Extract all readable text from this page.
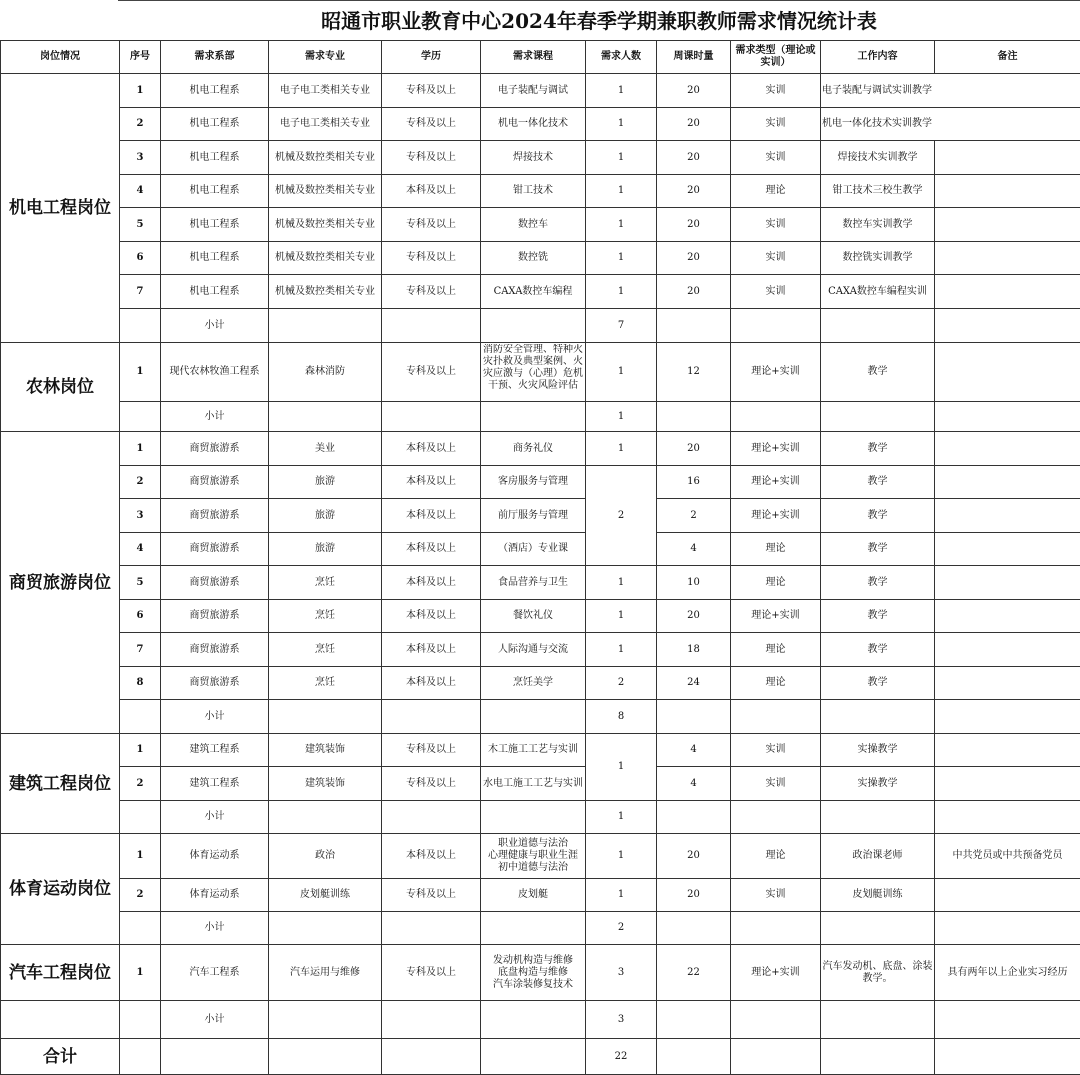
昭通市职业教育中心2024年春季学期兼职教师需求情况统计表
岗位情况	序号	需求系部	需求专业	学历	需求课程	需求人数	周课时量	需求类型（理论或实训）	工作内容	备注
机电工程岗位	1	机电工程系	电子电工类相关专业	专科及以上	电子装配与调试	1	20	实训	电子装配与调试实训教学	
	2	机电工程系	电子电工类相关专业	专科及以上	机电一体化技术	1	20	实训	机电一体化技术实训教学	
	3	机电工程系	机械及数控类相关专业	专科及以上	焊接技术	1	20	实训	焊接技术实训教学	
	4	机电工程系	机械及数控类相关专业	本科及以上	钳工技术	1	20	理论	钳工技术三校生教学	
	5	机电工程系	机械及数控类相关专业	专科及以上	数控车	1	20	实训	数控车实训教学	
	6	机电工程系	机械及数控类相关专业	专科及以上	数控铣	1	20	实训	数控铣实训教学	
	7	机电工程系	机械及数控类相关专业	专科及以上	CAXA数控车编程	1	20	实训	CAXA数控车编程实训	
		小计				7				
农林岗位	1	现代农林牧渔工程系	森林消防	专科及以上	消防安全管理、特种火灾扑救及典型案例、火灾应激与（心理）危机干预、火灾风险评估	1	12	理论+实训	教学	
		小计				1				
商贸旅游岗位	1	商贸旅游系	美业	本科及以上	商务礼仪	1	20	理论+实训	教学	
	2	商贸旅游系	旅游	本科及以上	客房服务与管理	2	16	理论+实训	教学	
	3	商贸旅游系	旅游	本科及以上	前厅服务与管理		2	理论+实训	教学	
	4	商贸旅游系	旅游	本科及以上	（酒店）专业课		4	理论	教学	
	5	商贸旅游系	烹饪	本科及以上	食品营养与卫生	1	10	理论	教学	
	6	商贸旅游系	烹饪	本科及以上	餐饮礼仪	1	20	理论+实训	教学	
	7	商贸旅游系	烹饪	本科及以上	人际沟通与交流	1	18	理论	教学	
	8	商贸旅游系	烹饪	本科及以上	烹饪美学	2	24	理论	教学	
		小计				8				
建筑工程岗位	1	建筑工程系	建筑装饰	专科及以上	木工施工工艺与实训	1	4	实训	实操教学	
	2	建筑工程系	建筑装饰	专科及以上	水电工施工工艺与实训		4	实训	实操教学	
		小计				1				
体育运动岗位	1	体育运动系	政治	本科及以上	职业道德与法治
心理健康与职业生涯
初中道德与法治	1	20	理论	政治课老师	中共党员或中共预备党员
	2	体育运动系	皮划艇训练	专科及以上	皮划艇	1	20	实训	皮划艇训练	
		小计				2				
汽车工程岗位	1	汽车工程系	汽车运用与维修	专科及以上	发动机构造与维修
底盘构造与维修
汽车涂装修复技术	3	22	理论+实训	汽车发动机、底盘、涂装教学。	具有两年以上企业实习经历
		小计				3				
合计						22				
